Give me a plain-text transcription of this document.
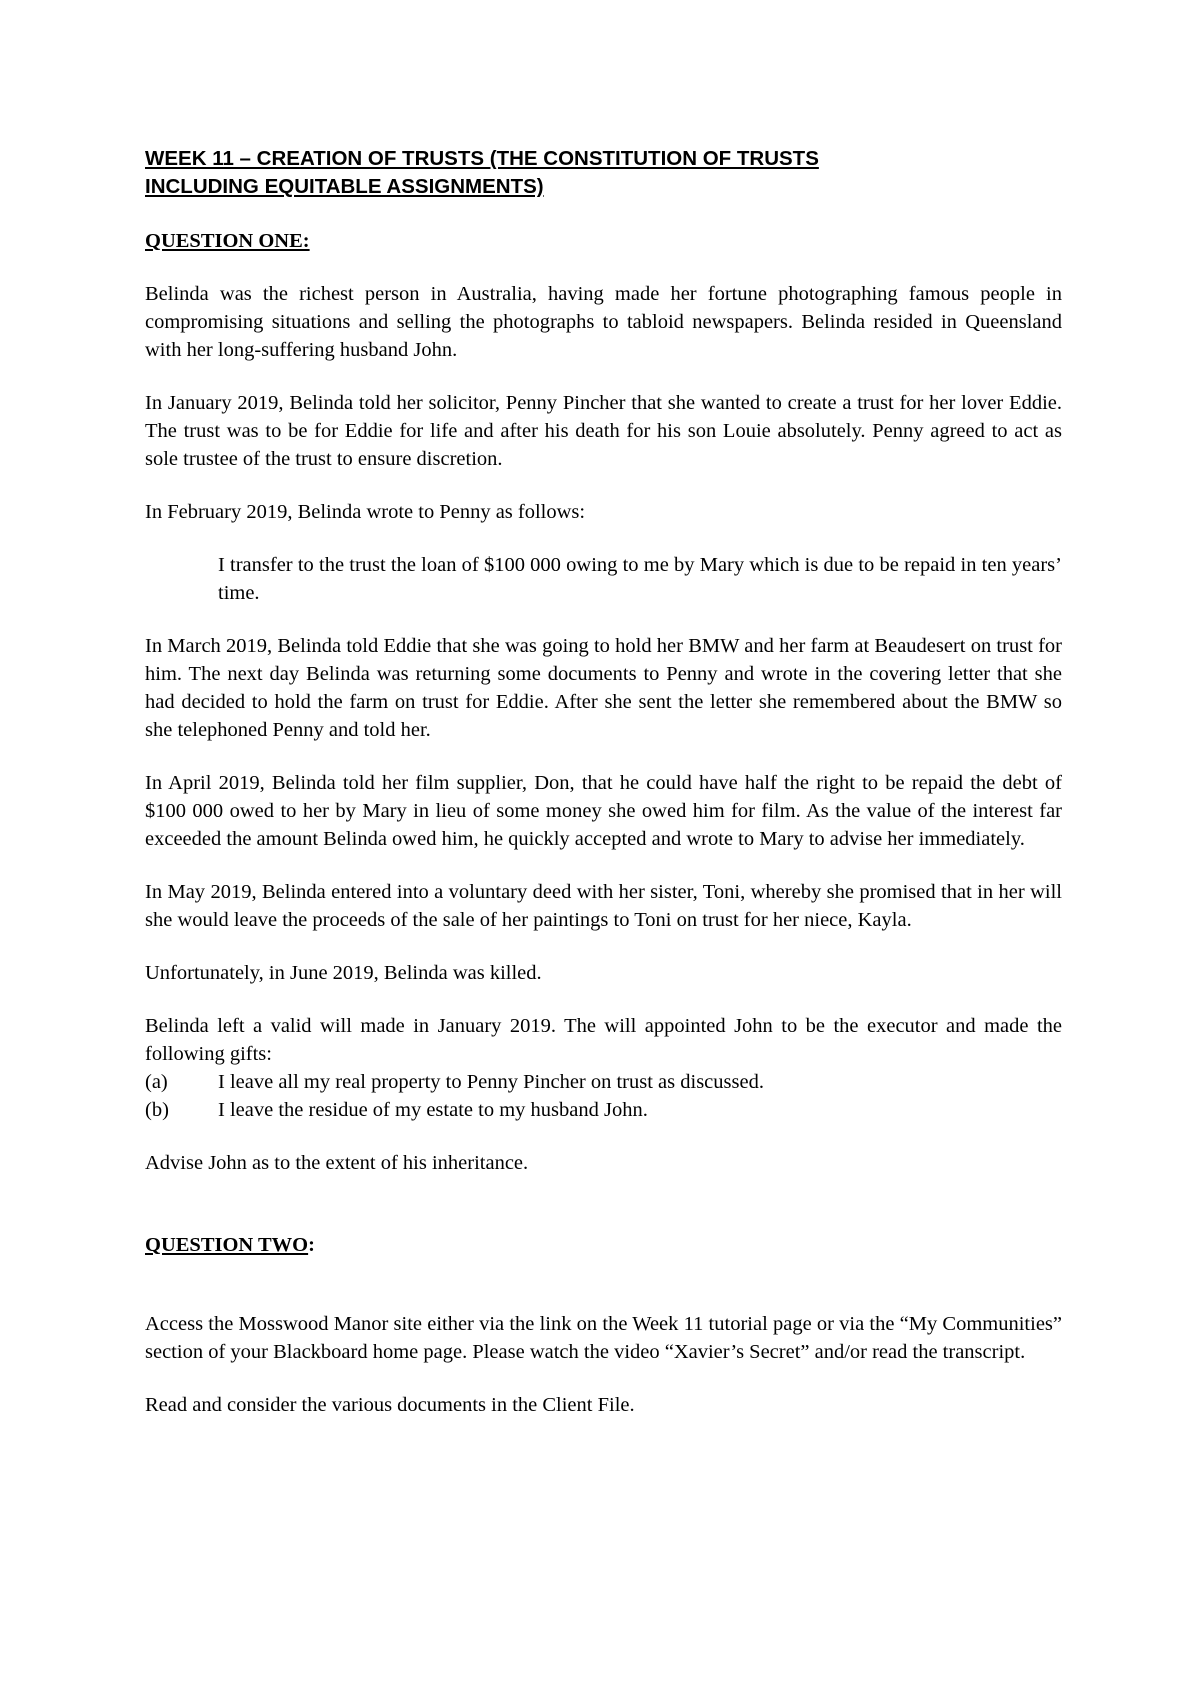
WEEK 11 – CREATION OF TRUSTS (THE CONSTITUTION OF TRUSTS
INCLUDING EQUITABLE ASSIGNMENTS)
QUESTION ONE:

Belinda was the richest person in Australia, having made her fortune photographing famous people in compromising situations and selling the photographs to tabloid newspapers. Belinda resided in Queensland with her long-suffering husband John.

In January 2019, Belinda told her solicitor, Penny Pincher that she wanted to create a trust for her lover Eddie. The trust was to be for Eddie for life and after his death for his son Louie absolutely. Penny agreed to act as sole trustee of the trust to ensure discretion.

In February 2019, Belinda wrote to Penny as follows:

I transfer to the trust the loan of $100 000 owing to me by Mary which is due to be repaid in ten years’ time.

In March 2019, Belinda told Eddie that she was going to hold her BMW and her farm at Beaudesert on trust for him. The next day Belinda was returning some documents to Penny and wrote in the covering letter that she had decided to hold the farm on trust for Eddie. After she sent the letter she remembered about the BMW so she telephoned Penny and told her.

In April 2019, Belinda told her film supplier, Don, that he could have half the right to be repaid the debt of $100 000 owed to her by Mary in lieu of some money she owed him for film. As the value of the interest far exceeded the amount Belinda owed him, he quickly accepted and wrote to Mary to advise her immediately.

In May 2019, Belinda entered into a voluntary deed with her sister, Toni, whereby she promised that in her will she would leave the proceeds of the sale of her paintings to Toni on trust for her niece, Kayla.

Unfortunately, in June 2019, Belinda was killed.

Belinda left a valid will made in January 2019. The will appointed John to be the executor and made the following gifts:

(a)	I leave all my real property to Penny Pincher on trust as discussed.
(b)	I leave the residue of my estate to my husband John.

Advise John as to the extent of his inheritance.

QUESTION TWO:

Access the Mosswood Manor site either via the link on the Week 11 tutorial page or via the “My Communities” section of your Blackboard home page. Please watch the video “Xavier’s Secret” and/or read the transcript.

Read and consider the various documents in the Client File.
